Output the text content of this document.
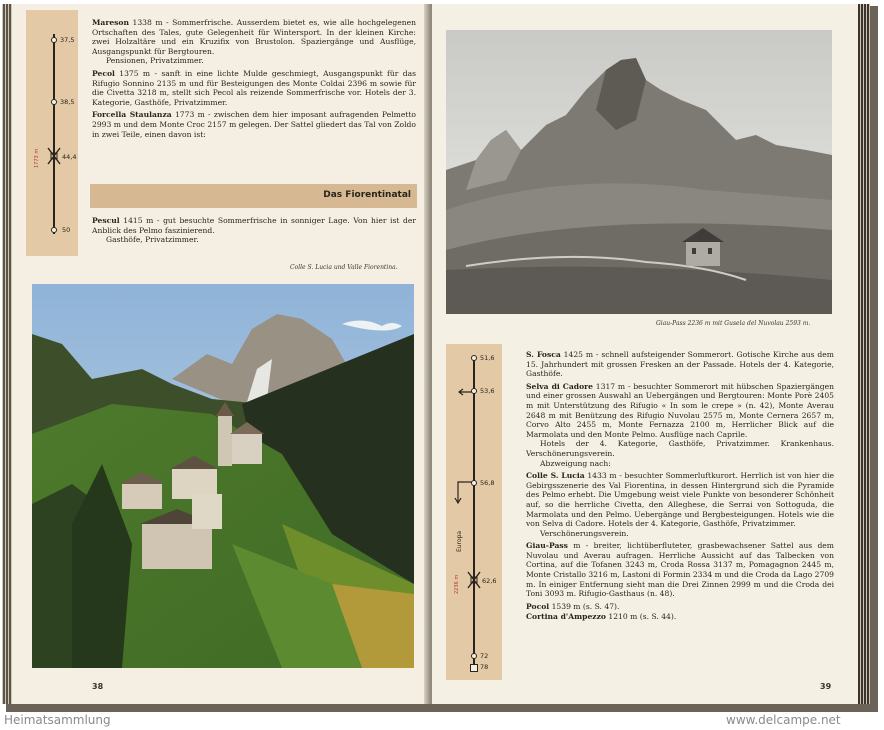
37,5
38,5
44,4
1773 m
50

Mareson 1338 m - Sommerfrische. Ausserdem bietet es, wie alle hochgelegenen Ortschaften des Tales, gute Gelegenheit für Wintersport. In der kleinen Kirche: zwei Holzaltäre und ein Kruzifix von Brustolon. Spaziergänge und Ausflüge, Ausgangspunkt für Bergtouren.
Pensionen, Privatzimmer.

Pecol 1375 m - sanft in eine lichte Mulde geschmiegt, Ausgangspunkt für das Rifugio Sonnino 2135 m und für Besteigungen des Monte Coldai 2396 m sowie für die Civetta 3218 m, stellt sich Pecol als reizende Sommerfrische vor. Hotels der 3. Kategorie, Gasthöfe, Privatzimmer.

Forcella Staulanza 1773 m - zwischen dem hier imposant aufragenden Pelmetto 2993 m und dem Monte Croc 2157 m gelegen. Der Sattel gliedert das Tal von Zoldo in zwei Teile, einen davon ist:

Das Fiorentinatal

Pescul 1415 m - gut besuchte Sommerfrische in sonniger Lage. Von hier ist der Anblick des Pelmo faszinierend.
Gasthöfe, Privatzimmer.

Colle S. Lucia und Valle Fiorentina.
38
Giau-Pass 2236 m mit Gusela del Nuvolau 2593 m.
51,6
53,6
56,8
Europa
62,6
2236 m
72
78

S. Fosca 1425 m - schnell aufsteigender Sommerort. Gotische Kirche aus dem 15. Jahrhundert mit grossen Fresken an der Passade. Hotels der 4. Kategorie, Gasthöfe.

Selva di Cadore 1317 m - besuchter Sommerort mit hübschen Spaziergängen und einer grossen Auswahl an Uebergängen und Bergtouren: Monte Porè 2405 m mit Unterstützung des Rifugio « In som le crepe » (n. 42), Monte Averau 2648 m mit Benützung des Rifugio Nuvolau 2575 m, Monte Cernera 2657 m, Corvo Alto 2455 m, Monte Fernazza 2100 m, Herrlicher Blick auf die Marmolata und den Monte Pelmo. Ausflüge nach Caprile.
Hotels der 4. Kategorie, Gasthöfe, Privatzimmer. Krankenhaus. Verschönerungsverein.
Abzweigung nach:

Colle S. Lucia 1433 m - besuchter Sommerluftkurort. Herrlich ist von hier die Gebirgsszenerie des Val Fiorentina, in dessen Hintergrund sich die Pyramide des Pelmo erhebt. Die Umgebung weist viele Punkte von besonderer Schönheit auf, so die herrliche Civetta, den Alleghese, die Serrai von Sottoguda, die Marmolata und den Pelmo. Uebergänge und Bergbesteigungen. Hotels wie die von Selva di Cadore. Hotels der 4. Kategorie, Gasthöfe, Privatzimmer.
Verschönerungsverein.

Giau-Pass m - breiter, lichtüberfluteter, grasbewachsener Sattel aus dem Nuvolau und Averau aufragen. Herrliche Aussicht auf das Talbecken von Cortina, auf die Tofanen 3243 m, Croda Rossa 3137 m, Pomagagnon 2445 m, Monte Cristallo 3216 m, Lastoni di Formin 2334 m und die Croda da Lago 2709 m. In einiger Entfernung sieht man die Drei Zinnen 2999 m und die Croda dei Toni 3093 m. Rifugio-Gasthaus (n. 48).

Pocol 1539 m (s. S. 47).

Cortina d'Ampezzo 1210 m (s. S. 44).

39
Heimatsammlung	www.delcampe.net
